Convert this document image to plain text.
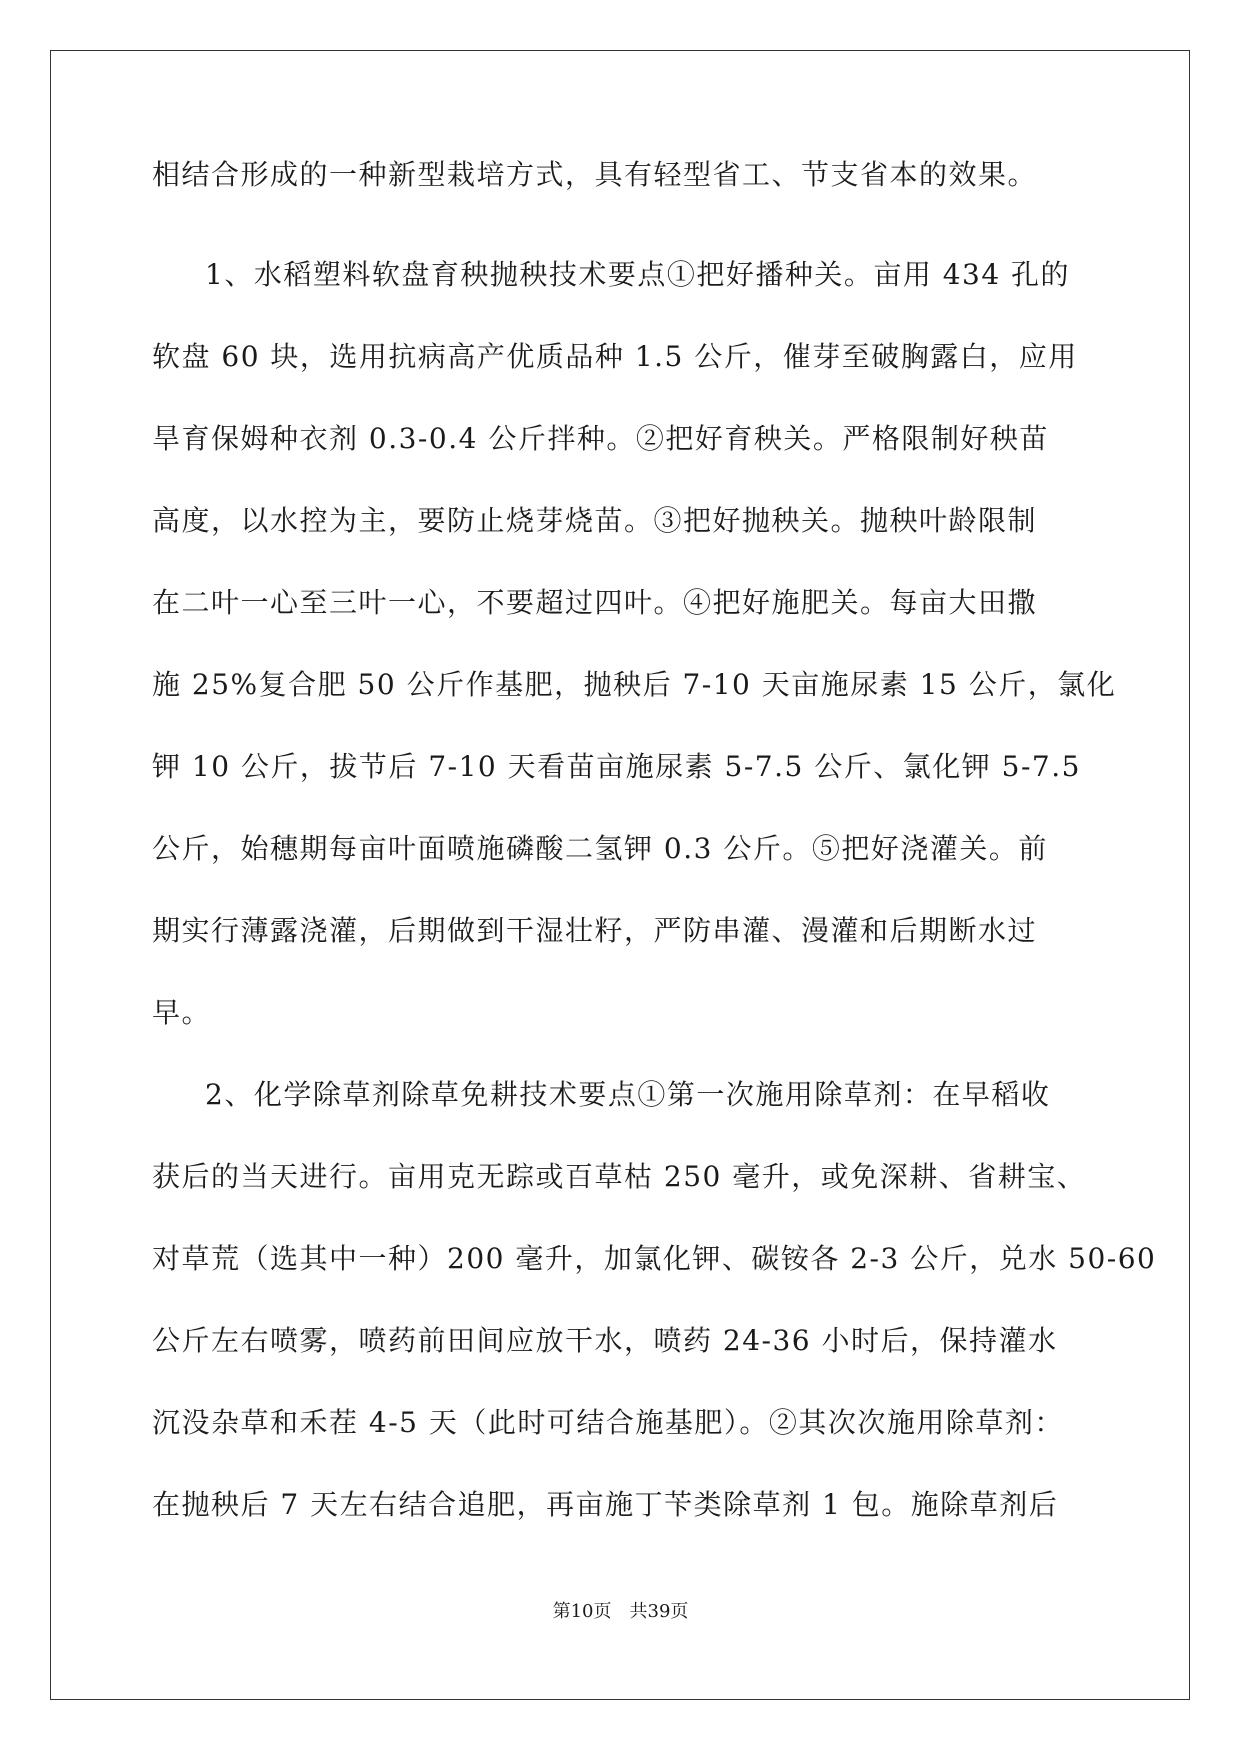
相结合形成的一种新型栽培方式，具有轻型省工、节支省本的效果。
1、水稻塑料软盘育秧抛秧技术要点①把好播种关。亩用 434 孔的
软盘 60 块，选用抗病高产优质品种 1.5 公斤，催芽至破胸露白，应用
旱育保姆种衣剂 0.3-0.4 公斤拌种。②把好育秧关。严格限制好秧苗
高度，以水控为主，要防止烧芽烧苗。③把好抛秧关。抛秧叶龄限制
在二叶一心至三叶一心，不要超过四叶。④把好施肥关。每亩大田撒
施 25%复合肥 50 公斤作基肥，抛秧后 7-10 天亩施尿素 15 公斤，氯化
钾 10 公斤，拔节后 7-10 天看苗亩施尿素 5-7.5 公斤、氯化钾 5-7.5
公斤，始穗期每亩叶面喷施磷酸二氢钾 0.3 公斤。⑤把好浇灌关。前
期实行薄露浇灌，后期做到干湿壮籽，严防串灌、漫灌和后期断水过
早。
2、化学除草剂除草免耕技术要点①第一次施用除草剂：在早稻收
获后的当天进行。亩用克无踪或百草枯 250 毫升，或免深耕、省耕宝、
对草荒（选其中一种）200 毫升，加氯化钾、碳铵各 2-3 公斤，兑水 50-60
公斤左右喷雾，喷药前田间应放干水，喷药 24-36 小时后，保持灌水
沉没杂草和禾茬 4-5 天（此时可结合施基肥）。②其次次施用除草剂：
在抛秧后 7 天左右结合追肥，再亩施丁苄类除草剂 1 包。施除草剂后
第10页 共39页
